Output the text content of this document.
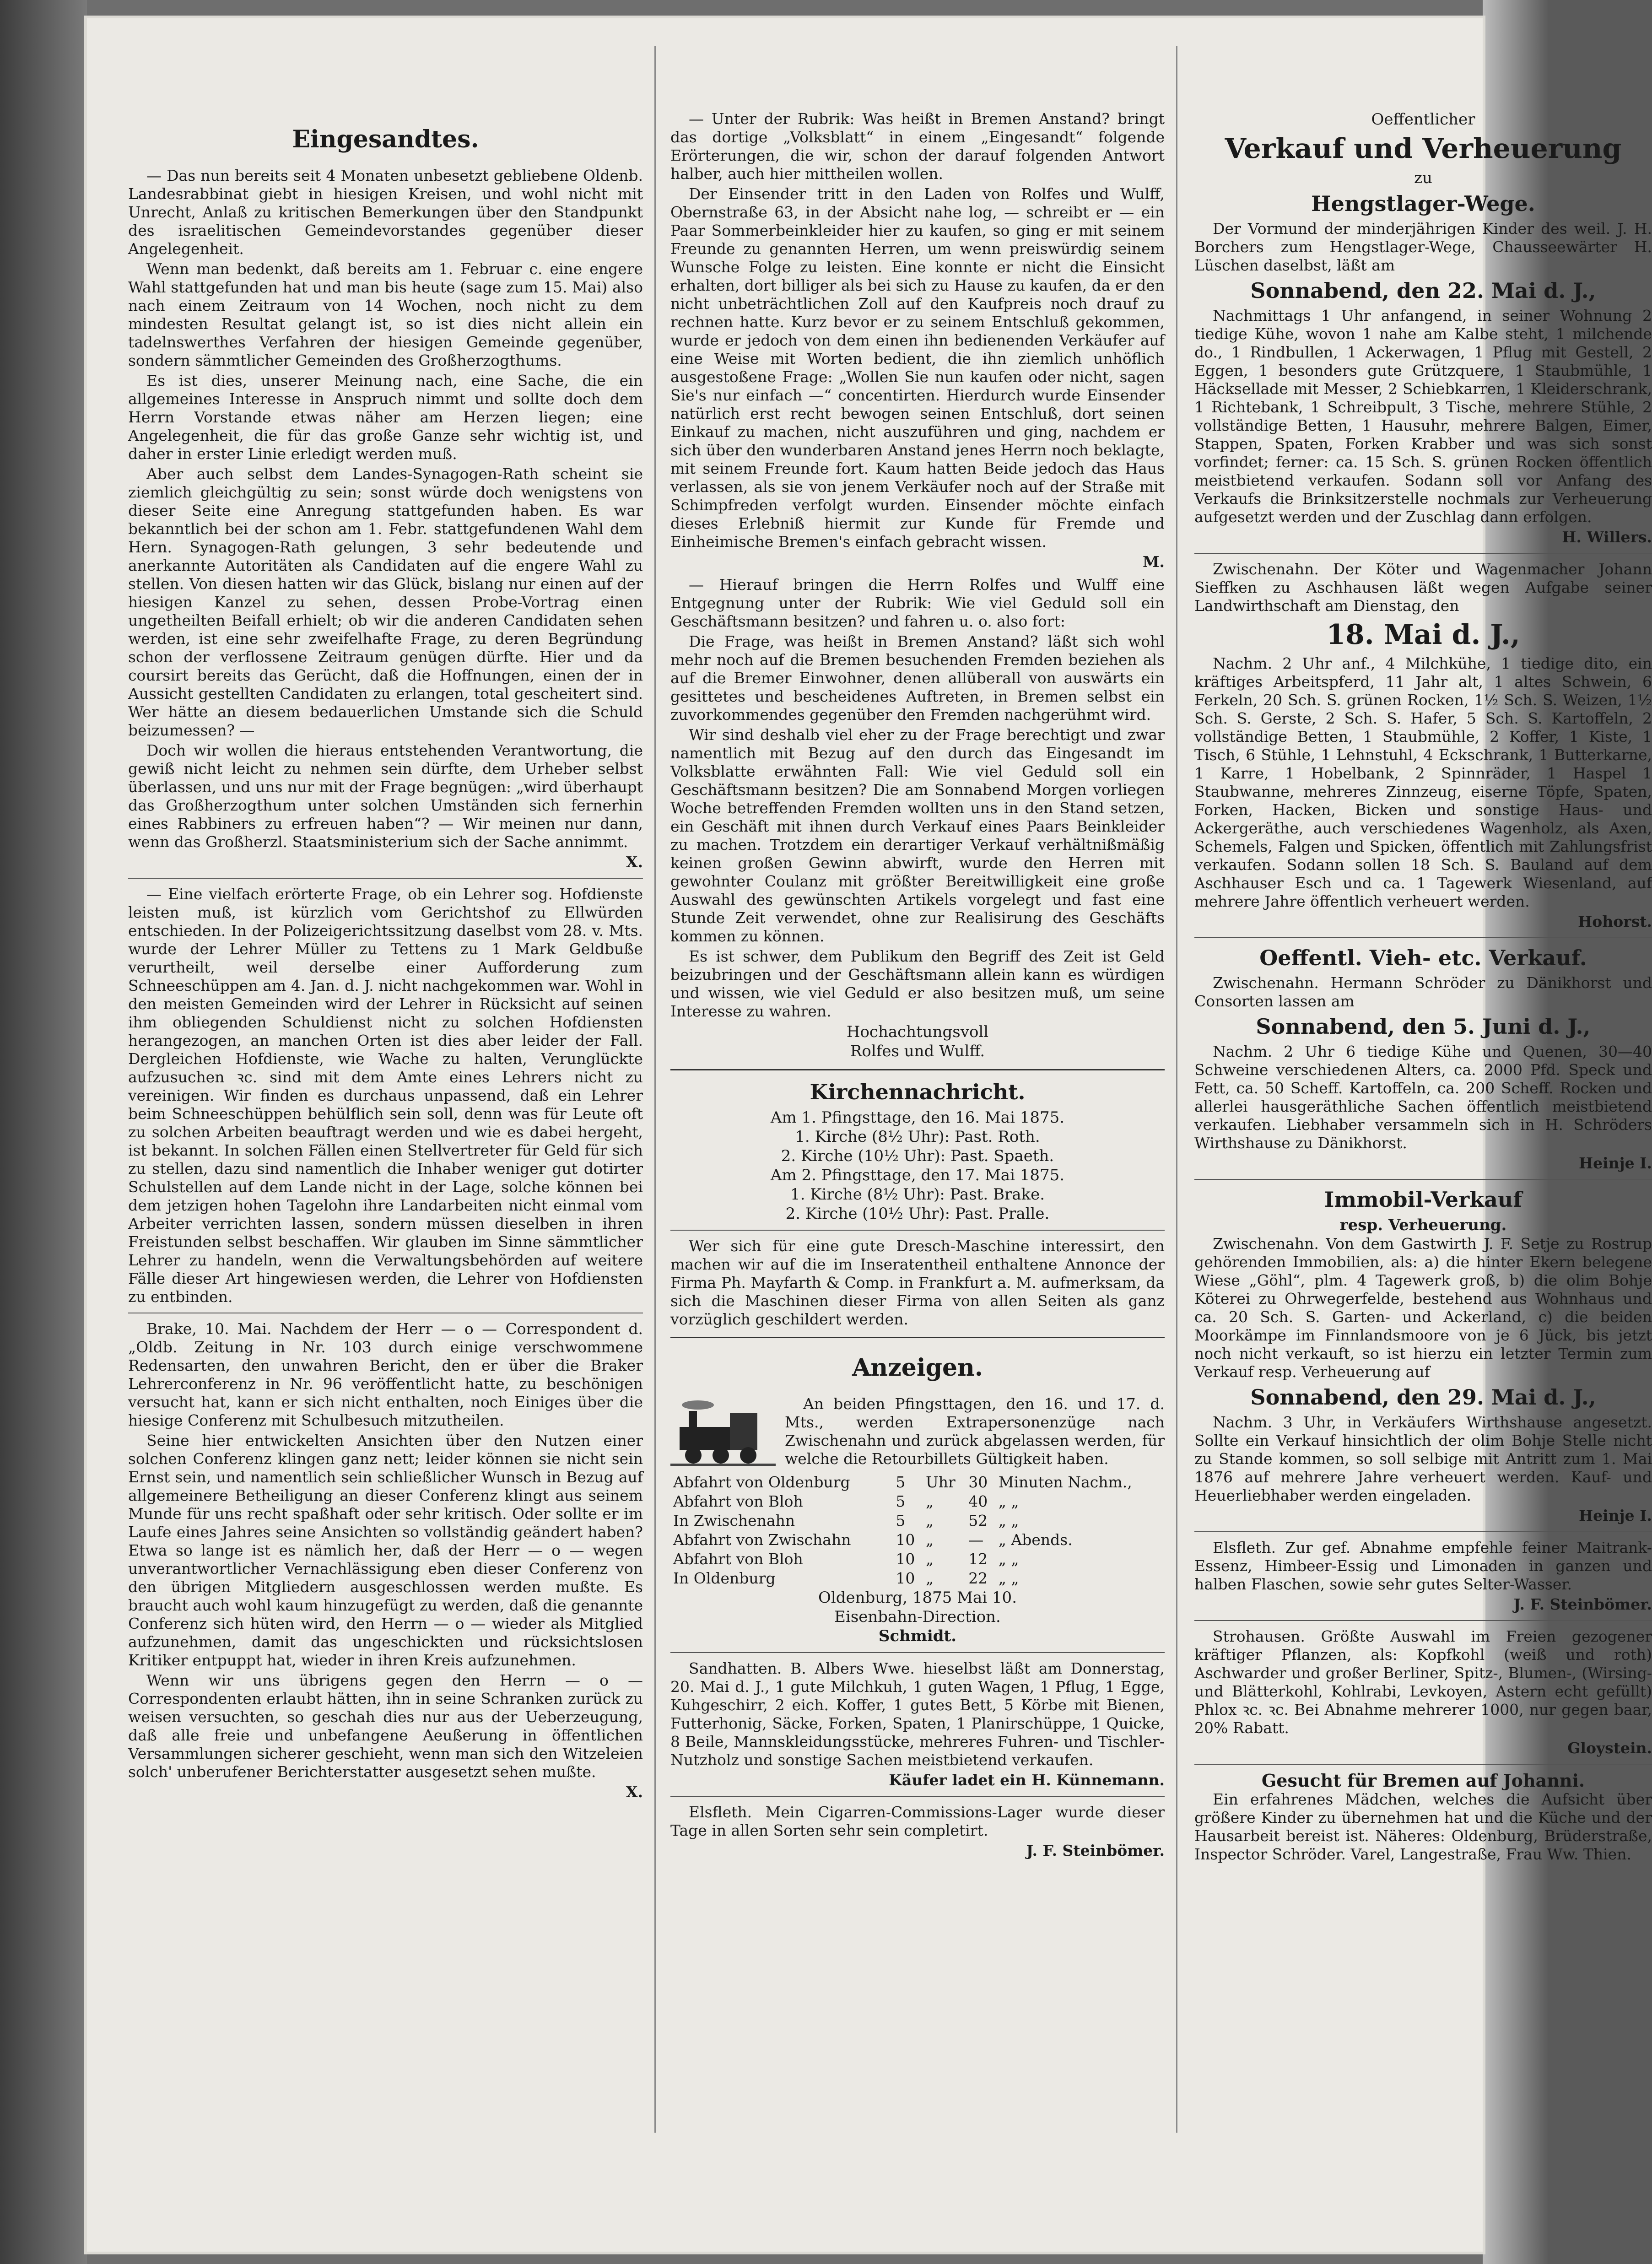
Eingesandtes.

— Das nun bereits seit 4 Monaten unbesetzt gebliebene Oldenb. Landesrabbinat giebt in hiesigen Kreisen, und wohl nicht mit Unrecht, Anlaß zu kritischen Bemerkungen über den Standpunkt des israelitischen Gemeindevorstandes gegenüber dieser Angelegenheit.

Wenn man bedenkt, daß bereits am 1. Februar c. eine engere Wahl stattgefunden hat und man bis heute (sage zum 15. Mai) also nach einem Zeitraum von 14 Wochen, noch nicht zu dem mindesten Resultat gelangt ist, so ist dies nicht allein ein tadelnswerthes Verfahren der hiesigen Gemeinde gegenüber, sondern sämmtlicher Gemeinden des Großherzogthums.

Es ist dies, unserer Meinung nach, eine Sache, die ein allgemeines Interesse in Anspruch nimmt und sollte doch dem Herrn Vorstande etwas näher am Herzen liegen; eine Angelegenheit, die für das große Ganze sehr wichtig ist, und daher in erster Linie erledigt werden muß.

Aber auch selbst dem Landes-Synagogen-Rath scheint sie ziemlich gleichgültig zu sein; sonst würde doch wenigstens von dieser Seite eine Anregung stattgefunden haben. Es war bekanntlich bei der schon am 1. Febr. stattgefundenen Wahl dem Hern. Synagogen-Rath gelungen, 3 sehr bedeutende und anerkannte Autoritäten als Candidaten auf die engere Wahl zu stellen. Von diesen hatten wir das Glück, bislang nur einen auf der hiesigen Kanzel zu sehen, dessen Probe-Vortrag einen ungetheilten Beifall erhielt; ob wir die anderen Candidaten sehen werden, ist eine sehr zweifelhafte Frage, zu deren Begründung schon der verflossene Zeitraum genügen dürfte. Hier und da coursirt bereits das Gerücht, daß die Hoffnungen, einen der in Aussicht gestellten Candidaten zu erlangen, total gescheitert sind. Wer hätte an diesem bedauerlichen Umstande sich die Schuld beizumessen? —

Doch wir wollen die hieraus entstehenden Verantwortung, die gewiß nicht leicht zu nehmen sein dürfte, dem Urheber selbst überlassen, und uns nur mit der Frage begnügen: „wird überhaupt das Großherzogthum unter solchen Umständen sich fernerhin eines Rabbiners zu erfreuen haben“? — Wir meinen nur dann, wenn das Großherzl. Staatsministerium sich der Sache annimmt.

X.

— Eine vielfach erörterte Frage, ob ein Lehrer sog. Hofdienste leisten muß, ist kürzlich vom Gerichtshof zu Ellwürden entschieden. In der Polizeigerichtssitzung daselbst vom 28. v. Mts. wurde der Lehrer Müller zu Tettens zu 1 Mark Geldbuße verurtheilt, weil derselbe einer Aufforderung zum Schneeschüppen am 4. Jan. d. J. nicht nachgekommen war. Wohl in den meisten Gemeinden wird der Lehrer in Rücksicht auf seinen ihm obliegenden Schuldienst nicht zu solchen Hofdiensten herangezogen, an manchen Orten ist dies aber leider der Fall. Dergleichen Hofdienste, wie Wache zu halten, Verunglückte aufzusuchen ꝛc. sind mit dem Amte eines Lehrers nicht zu vereinigen. Wir finden es durchaus unpassend, daß ein Lehrer beim Schneeschüppen behülflich sein soll, denn was für Leute oft zu solchen Arbeiten beauftragt werden und wie es dabei hergeht, ist bekannt. In solchen Fällen einen Stellvertreter für Geld für sich zu stellen, dazu sind namentlich die Inhaber weniger gut dotirter Schulstellen auf dem Lande nicht in der Lage, solche können bei dem jetzigen hohen Tagelohn ihre Landarbeiten nicht einmal vom Arbeiter verrichten lassen, sondern müssen dieselben in ihren Freistunden selbst beschaffen. Wir glauben im Sinne sämmtlicher Lehrer zu handeln, wenn die Verwaltungsbehörden auf weitere Fälle dieser Art hingewiesen werden, die Lehrer von Hofdiensten zu entbinden.

Brake, 10. Mai. Nachdem der Herr — o — Correspondent d. „Oldb. Zeitung in Nr. 103 durch einige verschwommene Redensarten, den unwahren Bericht, den er über die Braker Lehrerconferenz in Nr. 96 veröffentlicht hatte, zu beschönigen versucht hat, kann er sich nicht enthalten, noch Einiges über die hiesige Conferenz mit Schulbesuch mitzutheilen.

Seine hier entwickelten Ansichten über den Nutzen einer solchen Conferenz klingen ganz nett; leider können sie nicht sein Ernst sein, und namentlich sein schließlicher Wunsch in Bezug auf allgemeinere Betheiligung an dieser Conferenz klingt aus seinem Munde für uns recht spaßhaft oder sehr kritisch. Oder sollte er im Laufe eines Jahres seine Ansichten so vollständig geändert haben? Etwa so lange ist es nämlich her, daß der Herr — o — wegen unverantwortlicher Vernachlässigung eben dieser Conferenz von den übrigen Mitgliedern ausgeschlossen werden mußte. Es braucht auch wohl kaum hinzugefügt zu werden, daß die genannte Conferenz sich hüten wird, den Herrn — o — wieder als Mitglied aufzunehmen, damit das ungeschickten und rücksichtslosen Kritiker entpuppt hat, wieder in ihren Kreis aufzunehmen.

Wenn wir uns übrigens gegen den Herrn — o — Correspondenten erlaubt hätten, ihn in seine Schranken zurück zu weisen versuchten, so geschah dies nur aus der Ueberzeugung, daß alle freie und unbefangene Aeußerung in öffentlichen Versammlungen sicherer geschieht, wenn man sich den Witzeleien solch' unberufener Berichterstatter ausgesetzt sehen mußte.

X.

— Unter der Rubrik: Was heißt in Bremen Anstand? bringt das dortige „Volksblatt“ in einem „Eingesandt“ folgende Erörterungen, die wir, schon der darauf folgenden Antwort halber, auch hier mittheilen wollen.

Der Einsender tritt in den Laden von Rolfes und Wulff, Obernstraße 63, in der Absicht nahe log, — schreibt er — ein Paar Sommerbeinkleider hier zu kaufen, so ging er mit seinem Freunde zu genannten Herren, um wenn preiswürdig seinem Wunsche Folge zu leisten. Eine konnte er nicht die Einsicht erhalten, dort billiger als bei sich zu Hause zu kaufen, da er den nicht unbeträchtlichen Zoll auf den Kaufpreis noch drauf zu rechnen hatte. Kurz bevor er zu seinem Entschluß gekommen, wurde er jedoch von dem einen ihn bedienenden Verkäufer auf eine Weise mit Worten bedient, die ihn ziemlich unhöflich ausgestoßene Frage: „Wollen Sie nun kaufen oder nicht, sagen Sie's nur einfach —“ concentirten. Hierdurch wurde Einsender natürlich erst recht bewogen seinen Entschluß, dort seinen Einkauf zu machen, nicht auszuführen und ging, nachdem er sich über den wunderbaren Anstand jenes Herrn noch beklagte, mit seinem Freunde fort. Kaum hatten Beide jedoch das Haus verlassen, als sie von jenem Verkäufer noch auf der Straße mit Schimpfreden verfolgt wurden. Einsender möchte einfach dieses Erlebniß hiermit zur Kunde für Fremde und Einheimische Bremen's einfach gebracht wissen.

M.

— Hierauf bringen die Herrn Rolfes und Wulff eine Entgegnung unter der Rubrik: Wie viel Geduld soll ein Geschäftsmann besitzen? und fahren u. o. also fort:

Die Frage, was heißt in Bremen Anstand? läßt sich wohl mehr noch auf die Bremen besuchenden Fremden beziehen als auf die Bremer Einwohner, denen allüberall von auswärts ein gesittetes und bescheidenes Auftreten, in Bremen selbst ein zuvorkommendes gegenüber den Fremden nachgerühmt wird.

Wir sind deshalb viel eher zu der Frage berechtigt und zwar namentlich mit Bezug auf den durch das Eingesandt im Volksblatte erwähnten Fall: Wie viel Geduld soll ein Geschäftsmann besitzen? Die am Sonnabend Morgen vorliegen Woche betreffenden Fremden wollten uns in den Stand setzen, ein Geschäft mit ihnen durch Verkauf eines Paars Beinkleider zu machen. Trotzdem ein derartiger Verkauf verhältnißmäßig keinen großen Gewinn abwirft, wurde den Herren mit gewohnter Coulanz mit größter Bereitwilligkeit eine große Auswahl des gewünschten Artikels vorgelegt und fast eine Stunde Zeit verwendet, ohne zur Realisirung des Geschäfts kommen zu können.

Es ist schwer, dem Publikum den Begriff des Zeit ist Geld beizubringen und der Geschäftsmann allein kann es würdigen und wissen, wie viel Geduld er also besitzen muß, um seine Interesse zu wahren.

Hochachtungsvoll
Rolfes und Wulff.
Kirchennachricht.
Am 1. Pfingsttage, den 16. Mai 1875.
1. Kirche (8½ Uhr): Past. Roth.
2. Kirche (10½ Uhr): Past. Spaeth.
Am 2. Pfingsttage, den 17. Mai 1875.
1. Kirche (8½ Uhr): Past. Brake.
2. Kirche (10½ Uhr): Past. Pralle.

Wer sich für eine gute Dresch-Maschine interessirt, den machen wir auf die im Inseratentheil enthaltene Annonce der Firma Ph. Mayfarth & Comp. in Frankfurt a. M. aufmerksam, da sich die Maschinen dieser Firma von allen Seiten als ganz vorzüglich geschildert werden.

Anzeigen.

An beiden Pfingsttagen, den 16. und 17. d. Mts., werden Extrapersonenzüge nach Zwischenahn und zurück abgelassen werden, für welche die Retourbillets Gültigkeit haben.

Abfahrt von Oldenburg	5	Uhr	30	Minuten Nachm.,
Abfahrt von Bloh	5	„	40	„ „
In Zwischenahn	5	„	52	„ „
Abfahrt von Zwischahn	10	„	—	„ Abends.
Abfahrt von Bloh	10	„	12	„ „
In Oldenburg	10	„	22	„ „
Oldenburg, 1875 Mai 10.
Eisenbahn-Direction.
Schmidt.

Sandhatten. B. Albers Wwe. hieselbst läßt am Donnerstag, 20. Mai d. J., 1 gute Milchkuh, 1 guten Wagen, 1 Pflug, 1 Egge, Kuhgeschirr, 2 eich. Koffer, 1 gutes Bett, 5 Körbe mit Bienen, Futterhonig, Säcke, Forken, Spaten, 1 Planirschüppe, 1 Quicke, 8 Beile, Mannskleidungsstücke, mehreres Fuhren- und Tischler-Nutzholz und sonstige Sachen meistbietend verkaufen.

Käufer ladet ein H. Künnemann.

Elsfleth. Mein Cigarren-Commissions-Lager wurde dieser Tage in allen Sorten sehr sein completirt.

J. F. Steinbömer.
Oeffentlicher
Verkauf und Verheuerung
zu
Hengstlager-Wege.

Der Vormund der minderjährigen Kinder des weil. J. H. Borchers zum Hengstlager-Wege, Chausseewärter H. Lüschen daselbst, läßt am

Sonnabend, den 22. Mai d. J.,

Nachmittags 1 Uhr anfangend, in seiner Wohnung 2 tiedige Kühe, wovon 1 nahe am Kalbe steht, 1 milchende do., 1 Rindbullen, 1 Ackerwagen, 1 Pflug mit Gestell, 2 Eggen, 1 besonders gute Grützquere, 1 Staubmühle, 1 Häcksellade mit Messer, 2 Schiebkarren, 1 Kleiderschrank, 1 Richtebank, 1 Schreibpult, 3 Tische, mehrere Stühle, 2 vollständige Betten, 1 Hausuhr, mehrere Balgen, Eimer, Stappen, Spaten, Forken Krabber und was sich sonst vorfindet; ferner: ca. 15 Sch. S. grünen Rocken öffentlich meistbietend verkaufen. Sodann soll vor Anfang des Verkaufs die Brinksitzerstelle nochmals zur Verheuerung aufgesetzt werden und der Zuschlag dann erfolgen.

H. Willers.

Zwischenahn. Der Köter und Wagenmacher Johann Sieffken zu Aschhausen läßt wegen Aufgabe seiner Landwirthschaft am Dienstag, den

18. Mai d. J.,

Nachm. 2 Uhr anf., 4 Milchkühe, 1 tiedige dito, ein kräftiges Arbeitspferd, 11 Jahr alt, 1 altes Schwein, 6 Ferkeln, 20 Sch. S. grünen Rocken, 1½ Sch. S. Weizen, 1½ Sch. S. Gerste, 2 Sch. S. Hafer, 5 Sch. S. Kartoffeln, 2 vollständige Betten, 1 Staubmühle, 2 Koffer, 1 Kiste, 1 Tisch, 6 Stühle, 1 Lehnstuhl, 4 Eckschrank, 1 Butterkarne, 1 Karre, 1 Hobelbank, 2 Spinnräder, 1 Haspel 1 Staubwanne, mehreres Zinnzeug, eiserne Töpfe, Spaten, Forken, Hacken, Bicken und sonstige Haus- und Ackergeräthe, auch verschiedenes Wagenholz, als Axen, Schemels, Falgen und Spicken, öffentlich mit Zahlungsfrist verkaufen. Sodann sollen 18 Sch. S. Bauland auf dem Aschhauser Esch und ca. 1 Tagewerk Wiesenland, auf mehrere Jahre öffentlich verheuert werden.

Hohorst.
Oeffentl. Vieh- etc. Verkauf.

Zwischenahn. Hermann Schröder zu Dänikhorst und Consorten lassen am

Sonnabend, den 5. Juni d. J.,

Nachm. 2 Uhr 6 tiedige Kühe und Quenen, 30—40 Schweine verschiedenen Alters, ca. 2000 Pfd. Speck und Fett, ca. 50 Scheff. Kartoffeln, ca. 200 Scheff. Rocken und allerlei hausgeräthliche Sachen öffentlich meistbietend verkaufen. Liebhaber versammeln sich in H. Schröders Wirthshause zu Dänikhorst.

Heinje I.
Immobil-Verkauf
resp. Verheuerung.

Zwischenahn. Von dem Gastwirth J. F. Setje zu Rostrup gehörenden Immobilien, als: a) die hinter Ekern belegene Wiese „Göhl“, plm. 4 Tagewerk groß, b) die olim Bohje Köterei zu Ohrwegerfelde, bestehend aus Wohnhaus und ca. 20 Sch. S. Garten- und Ackerland, c) die beiden Moorkämpe im Finnlandsmoore von je 6 Jück, bis jetzt noch nicht verkauft, so ist hierzu ein letzter Termin zum Verkauf resp. Verheuerung auf

Sonnabend, den 29. Mai d. J.,

Nachm. 3 Uhr, in Verkäufers Wirthshause angesetzt. Sollte ein Verkauf hinsichtlich der olim Bohje Stelle nicht zu Stande kommen, so soll selbige mit Antritt zum 1. Mai 1876 auf mehrere Jahre verheuert werden. Kauf- und Heuerliebhaber werden eingeladen.

Heinje I.

Elsfleth. Zur gef. Abnahme empfehle feiner Maitrank-Essenz, Himbeer-Essig und Limonaden in ganzen und halben Flaschen, sowie sehr gutes Selter-Wasser.

J. F. Steinbömer.

Strohausen. Größte Auswahl im Freien gezogener kräftiger Pflanzen, als: Kopfkohl (weiß und roth) Aschwarder und großer Berliner, Spitz-, Blumen-, (Wirsing- und Blätterkohl, Kohlrabi, Levkoyen, Astern echt gefüllt) Phlox ꝛc. ꝛc. Bei Abnahme mehrerer 1000, nur gegen baar, 20% Rabatt.

Gloystein.
Gesucht für Bremen auf Johanni.

Ein erfahrenes Mädchen, welches die Aufsicht über größere Kinder zu übernehmen hat und die Küche und der Hausarbeit bereist ist. Näheres: Oldenburg, Brüderstraße, Inspector Schröder. Varel, Langestraße, Frau Ww. Thien.
